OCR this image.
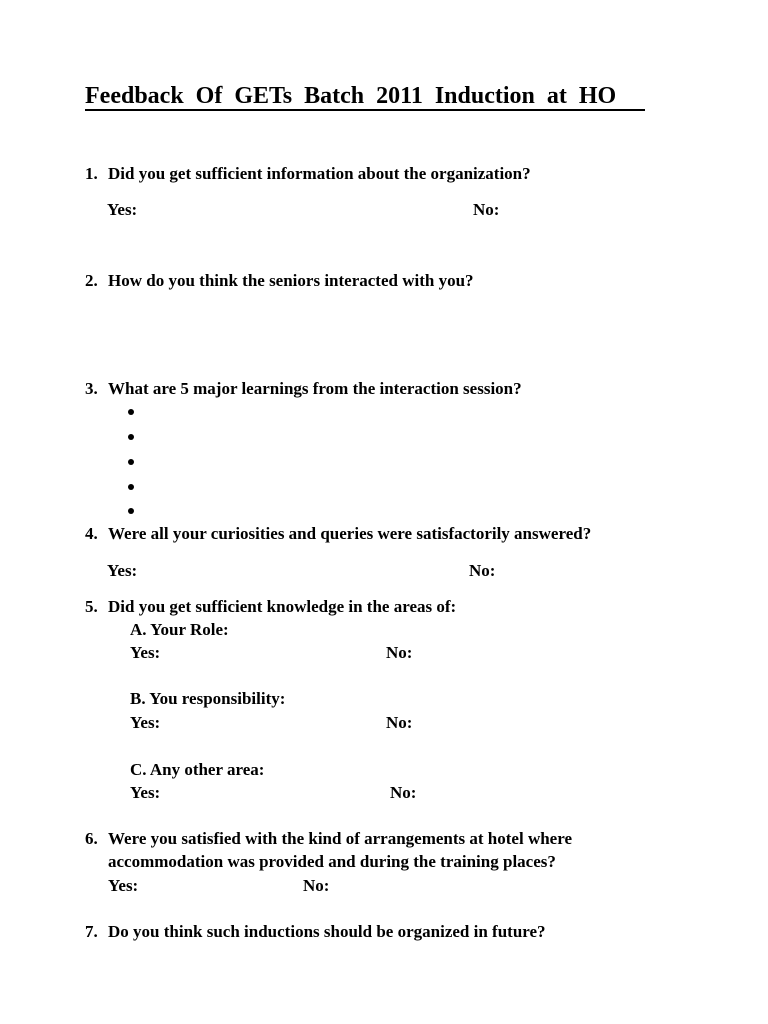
Feedback Of GETs Batch 2011 Induction at HO
1. Did you get sufficient information about the organization?
Yes:	No:
2. How do you think the seniors interacted with you?
3. What are 5 major learnings from the interaction session?
4. Were all your curiosities and queries were satisfactorily answered?
Yes:	No:
5. Did you get sufficient knowledge in the areas of:
A. Your Role:
Yes:	No:
B. You responsibility:
Yes:	No:
C. Any other area:
Yes:	No:
6. Were you satisfied with the kind of arrangements at hotel where
accommodation was provided and during the training places?
Yes:	No:
7. Do you think such inductions should be organized in future?
